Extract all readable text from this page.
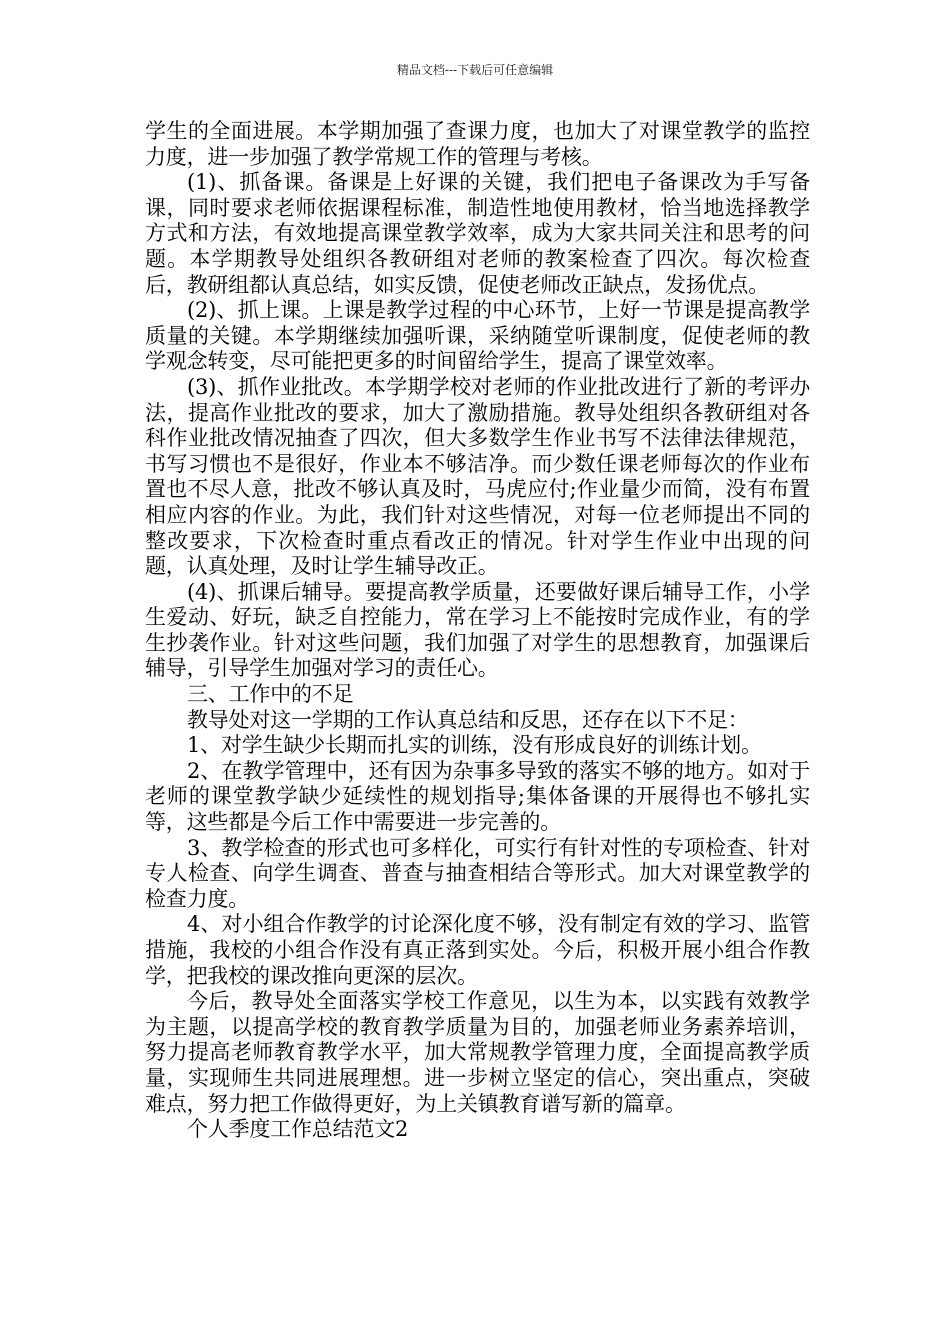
精品文档---下载后可任意编辑

学生的全面进展。本学期加强了查课力度，也加大了对课堂教学的监控力度，进一步加强了教学常规工作的管理与考核。

(1)、抓备课。备课是上好课的关键，我们把电子备课改为手写备课，同时要求老师依据课程标准，制造性地使用教材，恰当地选择教学方式和方法，有效地提高课堂教学效率，成为大家共同关注和思考的问题。本学期教导处组织各教研组对老师的教案检查了四次。每次检查后，教研组都认真总结，如实反馈，促使老师改正缺点，发扬优点。

(2)、抓上课。上课是教学过程的中心环节，上好一节课是提高教学质量的关键。本学期继续加强听课，采纳随堂听课制度，促使老师的教学观念转变，尽可能把更多的时间留给学生，提高了课堂效率。

(3)、抓作业批改。本学期学校对老师的作业批改进行了新的考评办法，提高作业批改的要求，加大了激励措施。教导处组织各教研组对各科作业批改情况抽查了四次，但大多数学生作业书写不法律法律规范，书写习惯也不是很好，作业本不够洁净。而少数任课老师每次的作业布置也不尽人意，批改不够认真及时，马虎应付;作业量少而简，没有布置相应内容的作业。为此，我们针对这些情况，对每一位老师提出不同的整改要求，下次检查时重点看改正的情况。针对学生作业中出现的问题，认真处理，及时让学生辅导改正。

(4)、抓课后辅导。要提高教学质量，还要做好课后辅导工作，小学生爱动、好玩，缺乏自控能力，常在学习上不能按时完成作业，有的学生抄袭作业。针对这些问题，我们加强了对学生的思想教育，加强课后辅导，引导学生加强对学习的责任心。

三、工作中的不足

教导处对这一学期的工作认真总结和反思，还存在以下不足：

1、对学生缺少长期而扎实的训练，没有形成良好的训练计划。

2、在教学管理中，还有因为杂事多导致的落实不够的地方。如对于老师的课堂教学缺少延续性的规划指导;集体备课的开展得也不够扎实等，这些都是今后工作中需要进一步完善的。

3、教学检查的形式也可多样化，可实行有针对性的专项检查、针对专人检查、向学生调查、普查与抽查相结合等形式。加大对课堂教学的检查力度。

4、对小组合作教学的讨论深化度不够，没有制定有效的学习、监管措施，我校的小组合作没有真正落到实处。今后，积极开展小组合作教学，把我校的课改推向更深的层次。

今后，教导处全面落实学校工作意见，以生为本，以实践有效教学为主题，以提高学校的教育教学质量为目的，加强老师业务素养培训，努力提高老师教育教学水平，加大常规教学管理力度，全面提高教学质量，实现师生共同进展理想。进一步树立坚定的信心，突出重点，突破难点，努力把工作做得更好，为上关镇教育谱写新的篇章。

个人季度工作总结范文2
